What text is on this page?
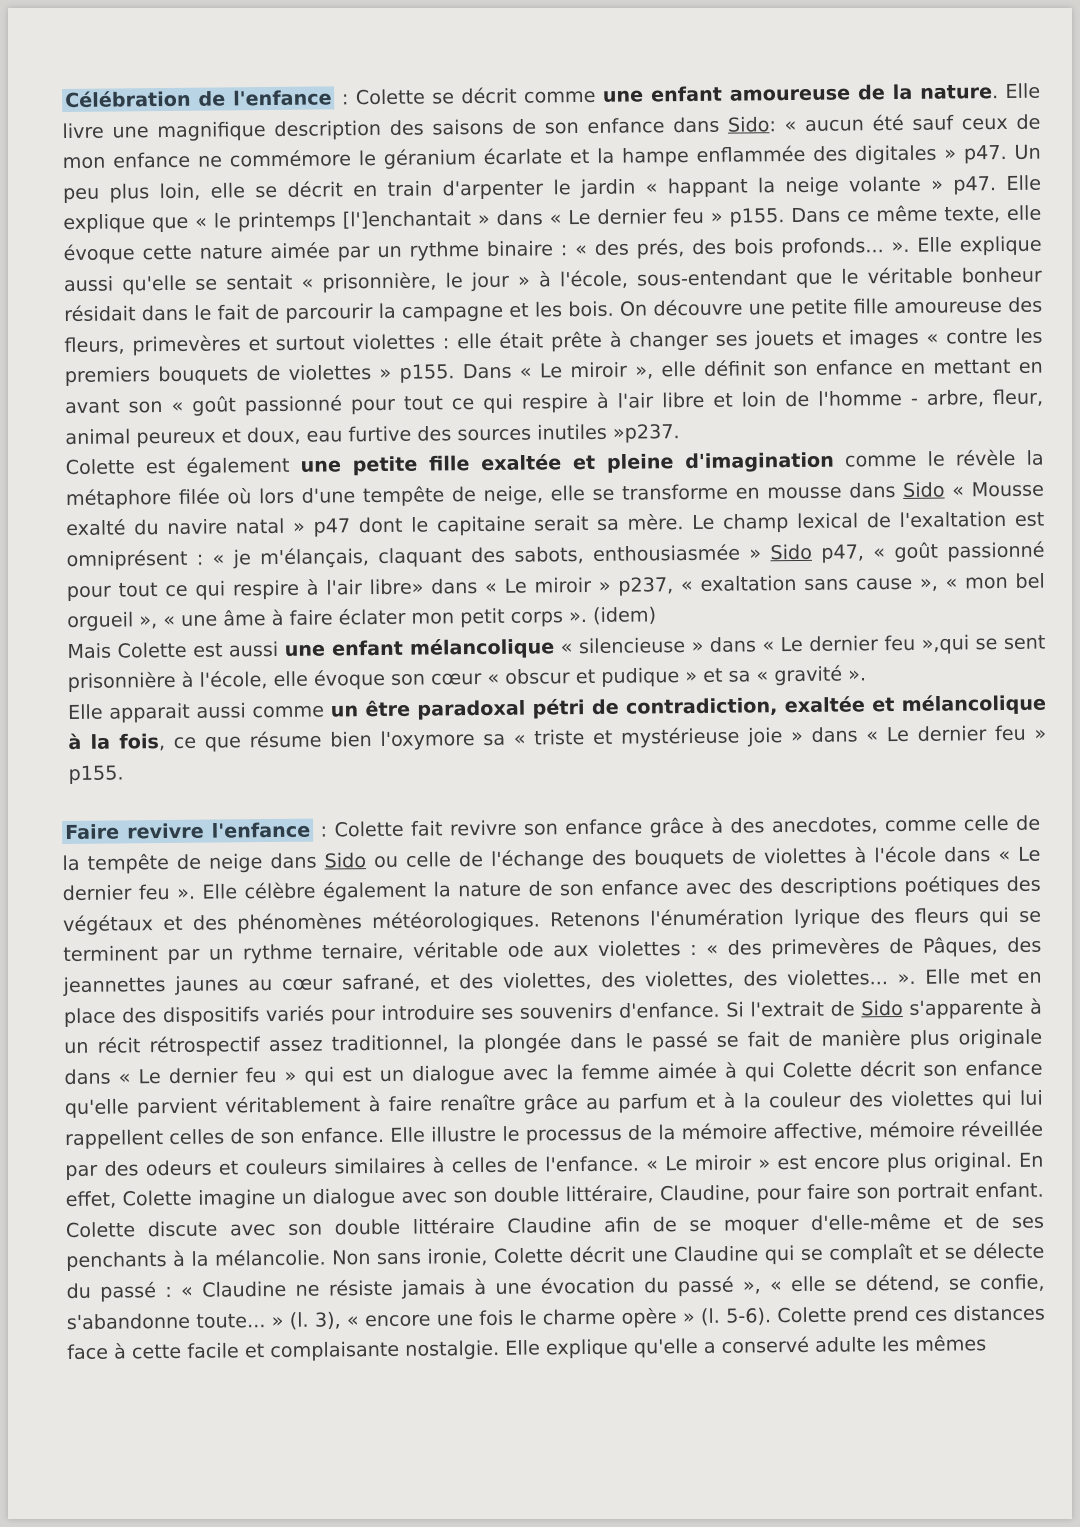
Célébration de l'enfance : Colette se décrit comme une enfant amoureuse de la nature. Elle livre une magnifique description des saisons de son enfance dans Sido: « aucun été sauf ceux de mon enfance ne commémore le géranium écarlate et la hampe enflammée des digitales » p47. Un peu plus loin, elle se décrit en train d'arpenter le jardin « happant la neige volante » p47. Elle explique que « le printemps [l']enchantait » dans « Le dernier feu » p155. Dans ce même texte, elle évoque cette nature aimée par un rythme binaire : « des prés, des bois profonds... ». Elle explique aussi qu'elle se sentait « prisonnière, le jour » à l'école, sous-entendant que le véritable bonheur résidait dans le fait de parcourir la campagne et les bois. On découvre une petite fille amoureuse des fleurs, primevères et surtout violettes : elle était prête à changer ses jouets et images « contre les premiers bouquets de violettes » p155. Dans « Le miroir », elle définit son enfance en mettant en avant son « goût passionné pour tout ce qui respire à l'air libre et loin de l'homme - arbre, fleur, animal peureux et doux, eau furtive des sources inutiles »p237.

Colette est également une petite fille exaltée et pleine d'imagination comme le révèle la métaphore filée où lors d'une tempête de neige, elle se transforme en mousse dans Sido « Mousse exalté du navire natal » p47 dont le capitaine serait sa mère. Le champ lexical de l'exaltation est omniprésent : « je m'élançais, claquant des sabots, enthousiasmée » Sido p47, « goût passionné pour tout ce qui respire à l'air libre» dans « Le miroir » p237, « exaltation sans cause », « mon bel orgueil », « une âme à faire éclater mon petit corps ». (idem)

Mais Colette est aussi une enfant mélancolique « silencieuse » dans « Le dernier feu »,qui se sent prisonnière à l'école, elle évoque son cœur « obscur et pudique » et sa « gravité ».

Elle apparait aussi comme un être paradoxal pétri de contradiction, exaltée et mélancolique à la fois, ce que résume bien l'oxymore sa « triste et mystérieuse joie » dans « Le dernier feu » p155.

Faire revivre l'enfance : Colette fait revivre son enfance grâce à des anecdotes, comme celle de la tempête de neige dans Sido ou celle de l'échange des bouquets de violettes à l'école dans « Le dernier feu ». Elle célèbre également la nature de son enfance avec des descriptions poétiques des végétaux et des phénomènes météorologiques. Retenons l'énumération lyrique des fleurs qui se terminent par un rythme ternaire, véritable ode aux violettes : « des primevères de Pâques, des jeannettes jaunes au cœur safrané, et des violettes, des violettes, des violettes... ». Elle met en place des dispositifs variés pour introduire ses souvenirs d'enfance. Si l'extrait de Sido s'apparente à un récit rétrospectif assez traditionnel, la plongée dans le passé se fait de manière plus originale dans « Le dernier feu » qui est un dialogue avec la femme aimée à qui Colette décrit son enfance qu'elle parvient véritablement à faire renaître grâce au parfum et à la couleur des violettes qui lui rappellent celles de son enfance. Elle illustre le processus de la mémoire affective, mémoire réveillée par des odeurs et couleurs similaires à celles de l'enfance. « Le miroir » est encore plus original. En effet, Colette imagine un dialogue avec son double littéraire, Claudine, pour faire son portrait enfant. Colette discute avec son double littéraire Claudine afin de se moquer d'elle-même et de ses penchants à la mélancolie. Non sans ironie, Colette décrit une Claudine qui se complaît et se délecte du passé : « Claudine ne résiste jamais à une évocation du passé », « elle se détend, se confie, s'abandonne toute... » (l. 3), « encore une fois le charme opère » (l. 5-6). Colette prend ces distances face à cette facile et complaisante nostalgie. Elle explique qu'elle a conservé adulte les mêmes
